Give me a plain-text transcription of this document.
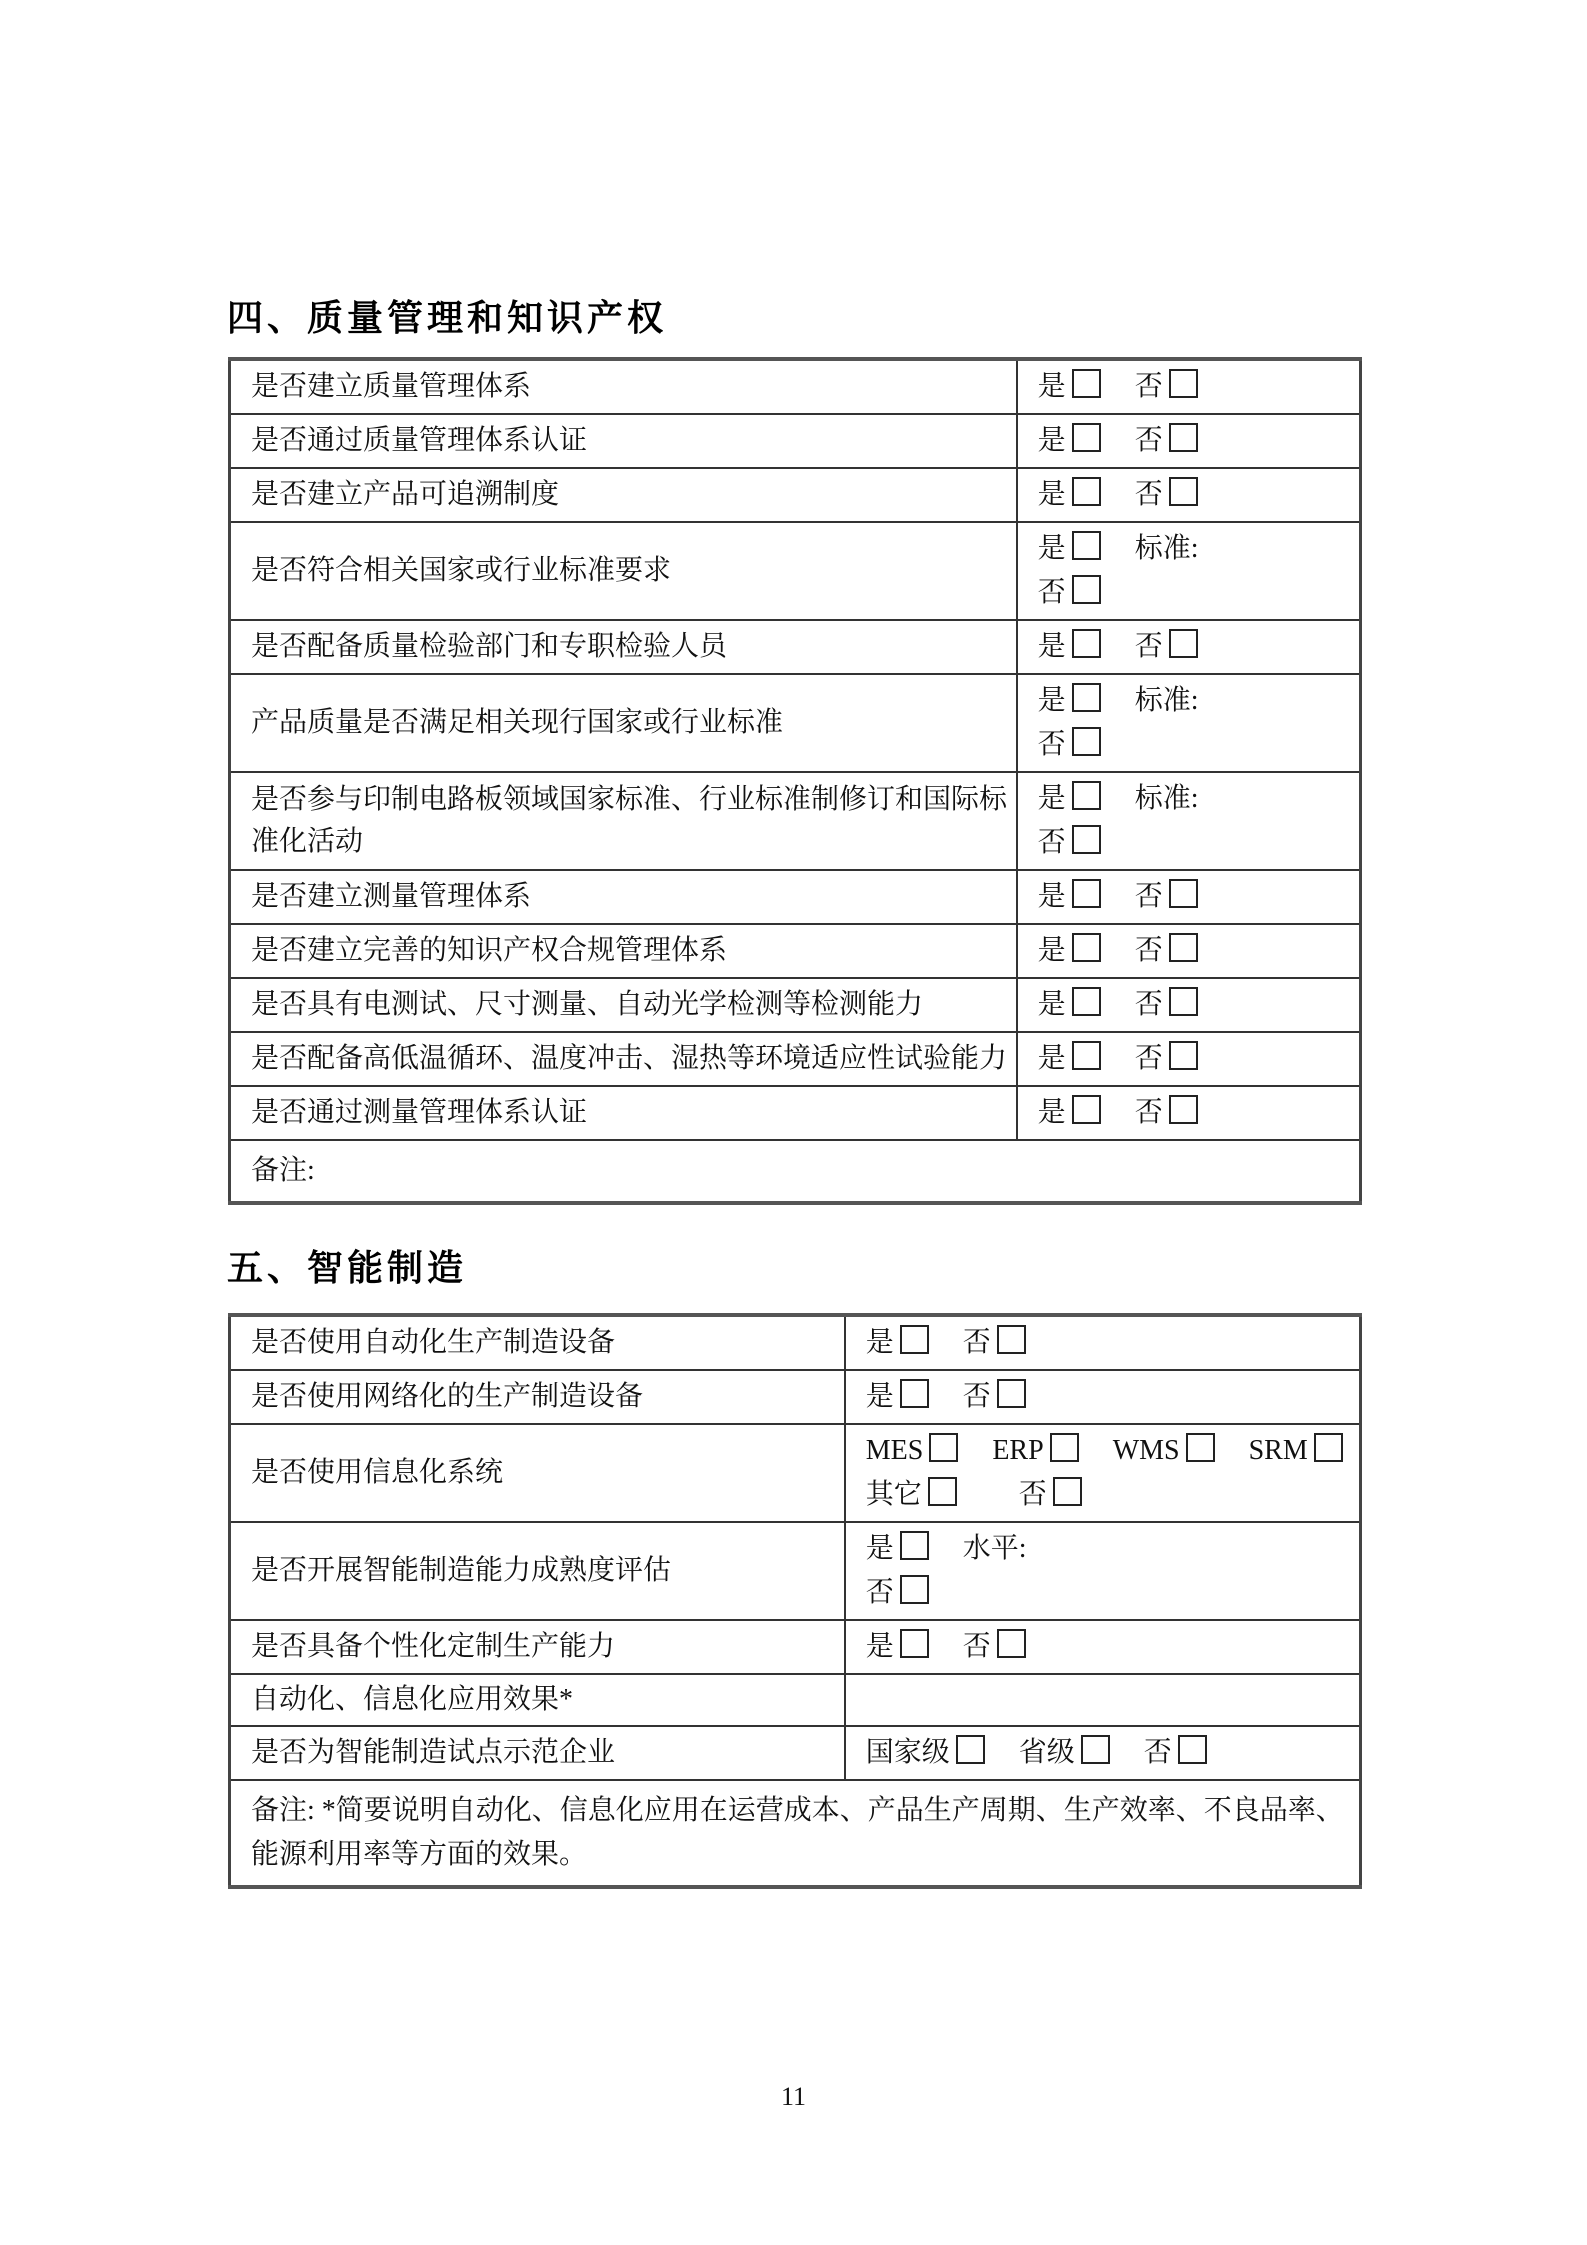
四、质量管理和知识产权
是否建立质量管理体系	是 否

是否通过质量管理体系认证	是 否

是否建立产品可追溯制度	是 否

是否符合相关国家或行业标准要求	是 标准:
否

是否配备质量检验部门和专职检验人员	是 否

产品质量是否满足相关现行国家或行业标准	是 标准:
否

是否参与印制电路板领域国家标准、行业标准制修订和国际标准化活动	是 标准:
否

是否建立测量管理体系	是 否

是否建立完善的知识产权合规管理体系	是 否

是否具有电测试、尺寸测量、自动光学检测等检测能力	是 否

是否配备高低温循环、温度冲击、湿热等环境适应性试验能力	是 否

是否通过测量管理体系认证	是 否

备注:	
五、智能制造
是否使用自动化生产制造设备	是 否

是否使用网络化的生产制造设备	是 否

是否使用信息化系统	MES ERP WMS SRM
其它 否

是否开展智能制造能力成熟度评估	是 水平:
否

是否具备个性化定制生产能力	是 否

自动化、信息化应用效果*	
是否为智能制造试点示范企业	国家级 省级 否

备注: *简要说明自动化、信息化应用在运营成本、产品生产周期、生产效率、不良品率、能源利用率等方面的效果。	
11
